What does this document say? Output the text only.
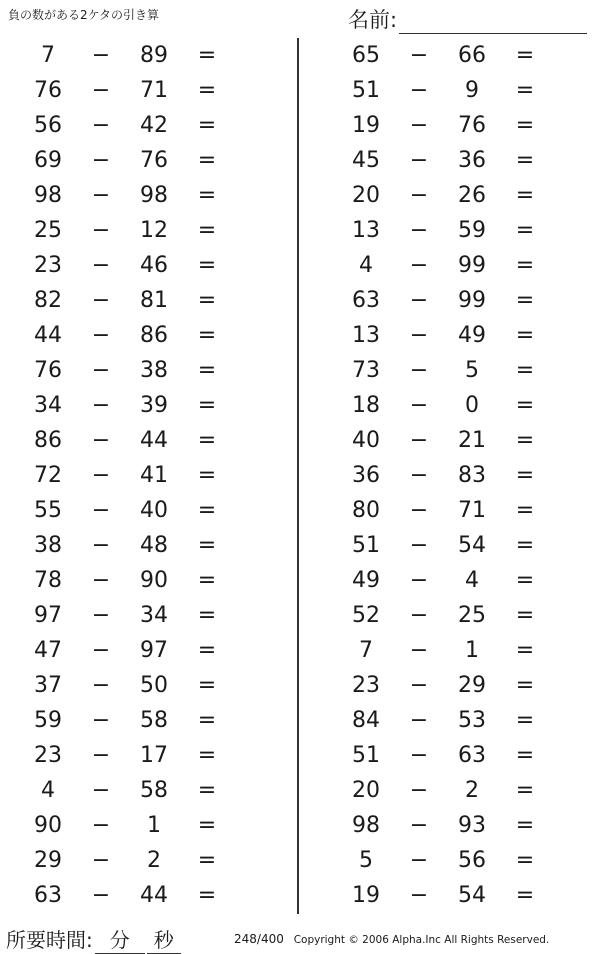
負の数がある2ケタの引き算	名前:
7	−	89	=
76	−	71	=
56	−	42	=
69	−	76	=
98	−	98	=
25	−	12	=
23	−	46	=
82	−	81	=
44	−	86	=
76	−	38	=
34	−	39	=
86	−	44	=
72	−	41	=
55	−	40	=
38	−	48	=
78	−	90	=
97	−	34	=
47	−	97	=
37	−	50	=
59	−	58	=
23	−	17	=
4	−	58	=
90	−	1	=
29	−	2	=
63	−	44	=
65	−	66	=
51	−	9	=
19	−	76	=
45	−	36	=
20	−	26	=
13	−	59	=
4	−	99	=
63	−	99	=
13	−	49	=
73	−	5	=
18	−	0	=
40	−	21	=
36	−	83	=
80	−	71	=
51	−	54	=
49	−	4	=
52	−	25	=
7	−	1	=
23	−	29	=
84	−	53	=
51	−	63	=
20	−	2	=
98	−	93	=
5	−	56	=
19	−	54	=
所要時間: 分	秒	248/400 Copyright © 2006 Alpha.Inc All Rights Reserved.
